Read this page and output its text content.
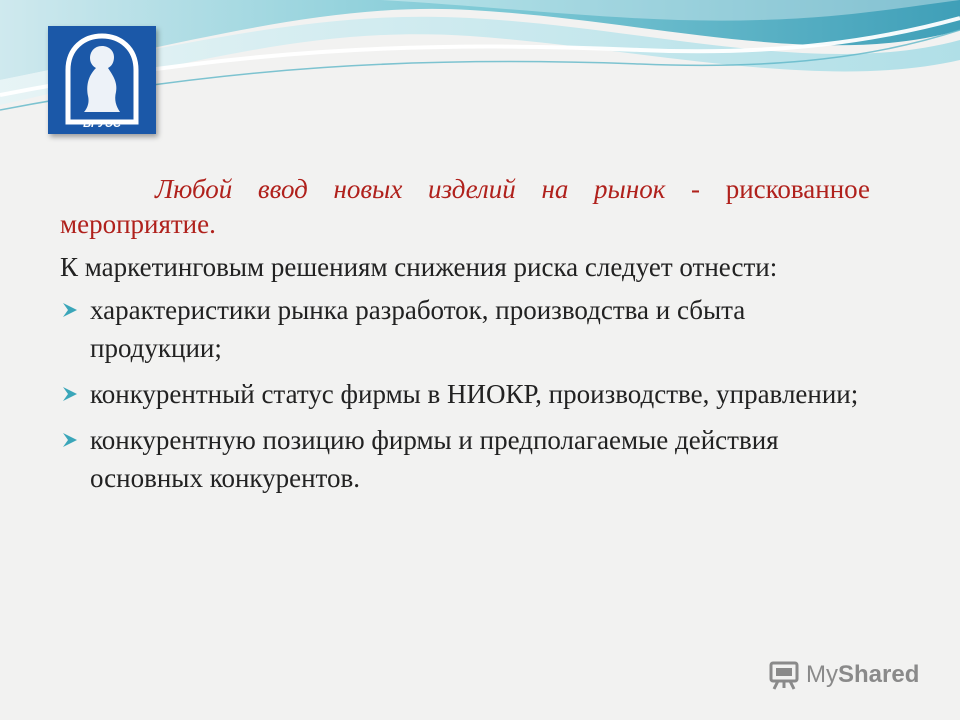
ВГУЭС

Любой ввод новых изделий на рынок - рискованное мероприятие.

К маркетинговым решениям снижения риска следует отнести:

характеристики рынка разработок, производства и сбыта продукции;
конкурентный статус фирмы в НИОКР, производстве, управлении;
конкурентную позицию фирмы и предполагаемые действия основных конкурентов.
MyShared
